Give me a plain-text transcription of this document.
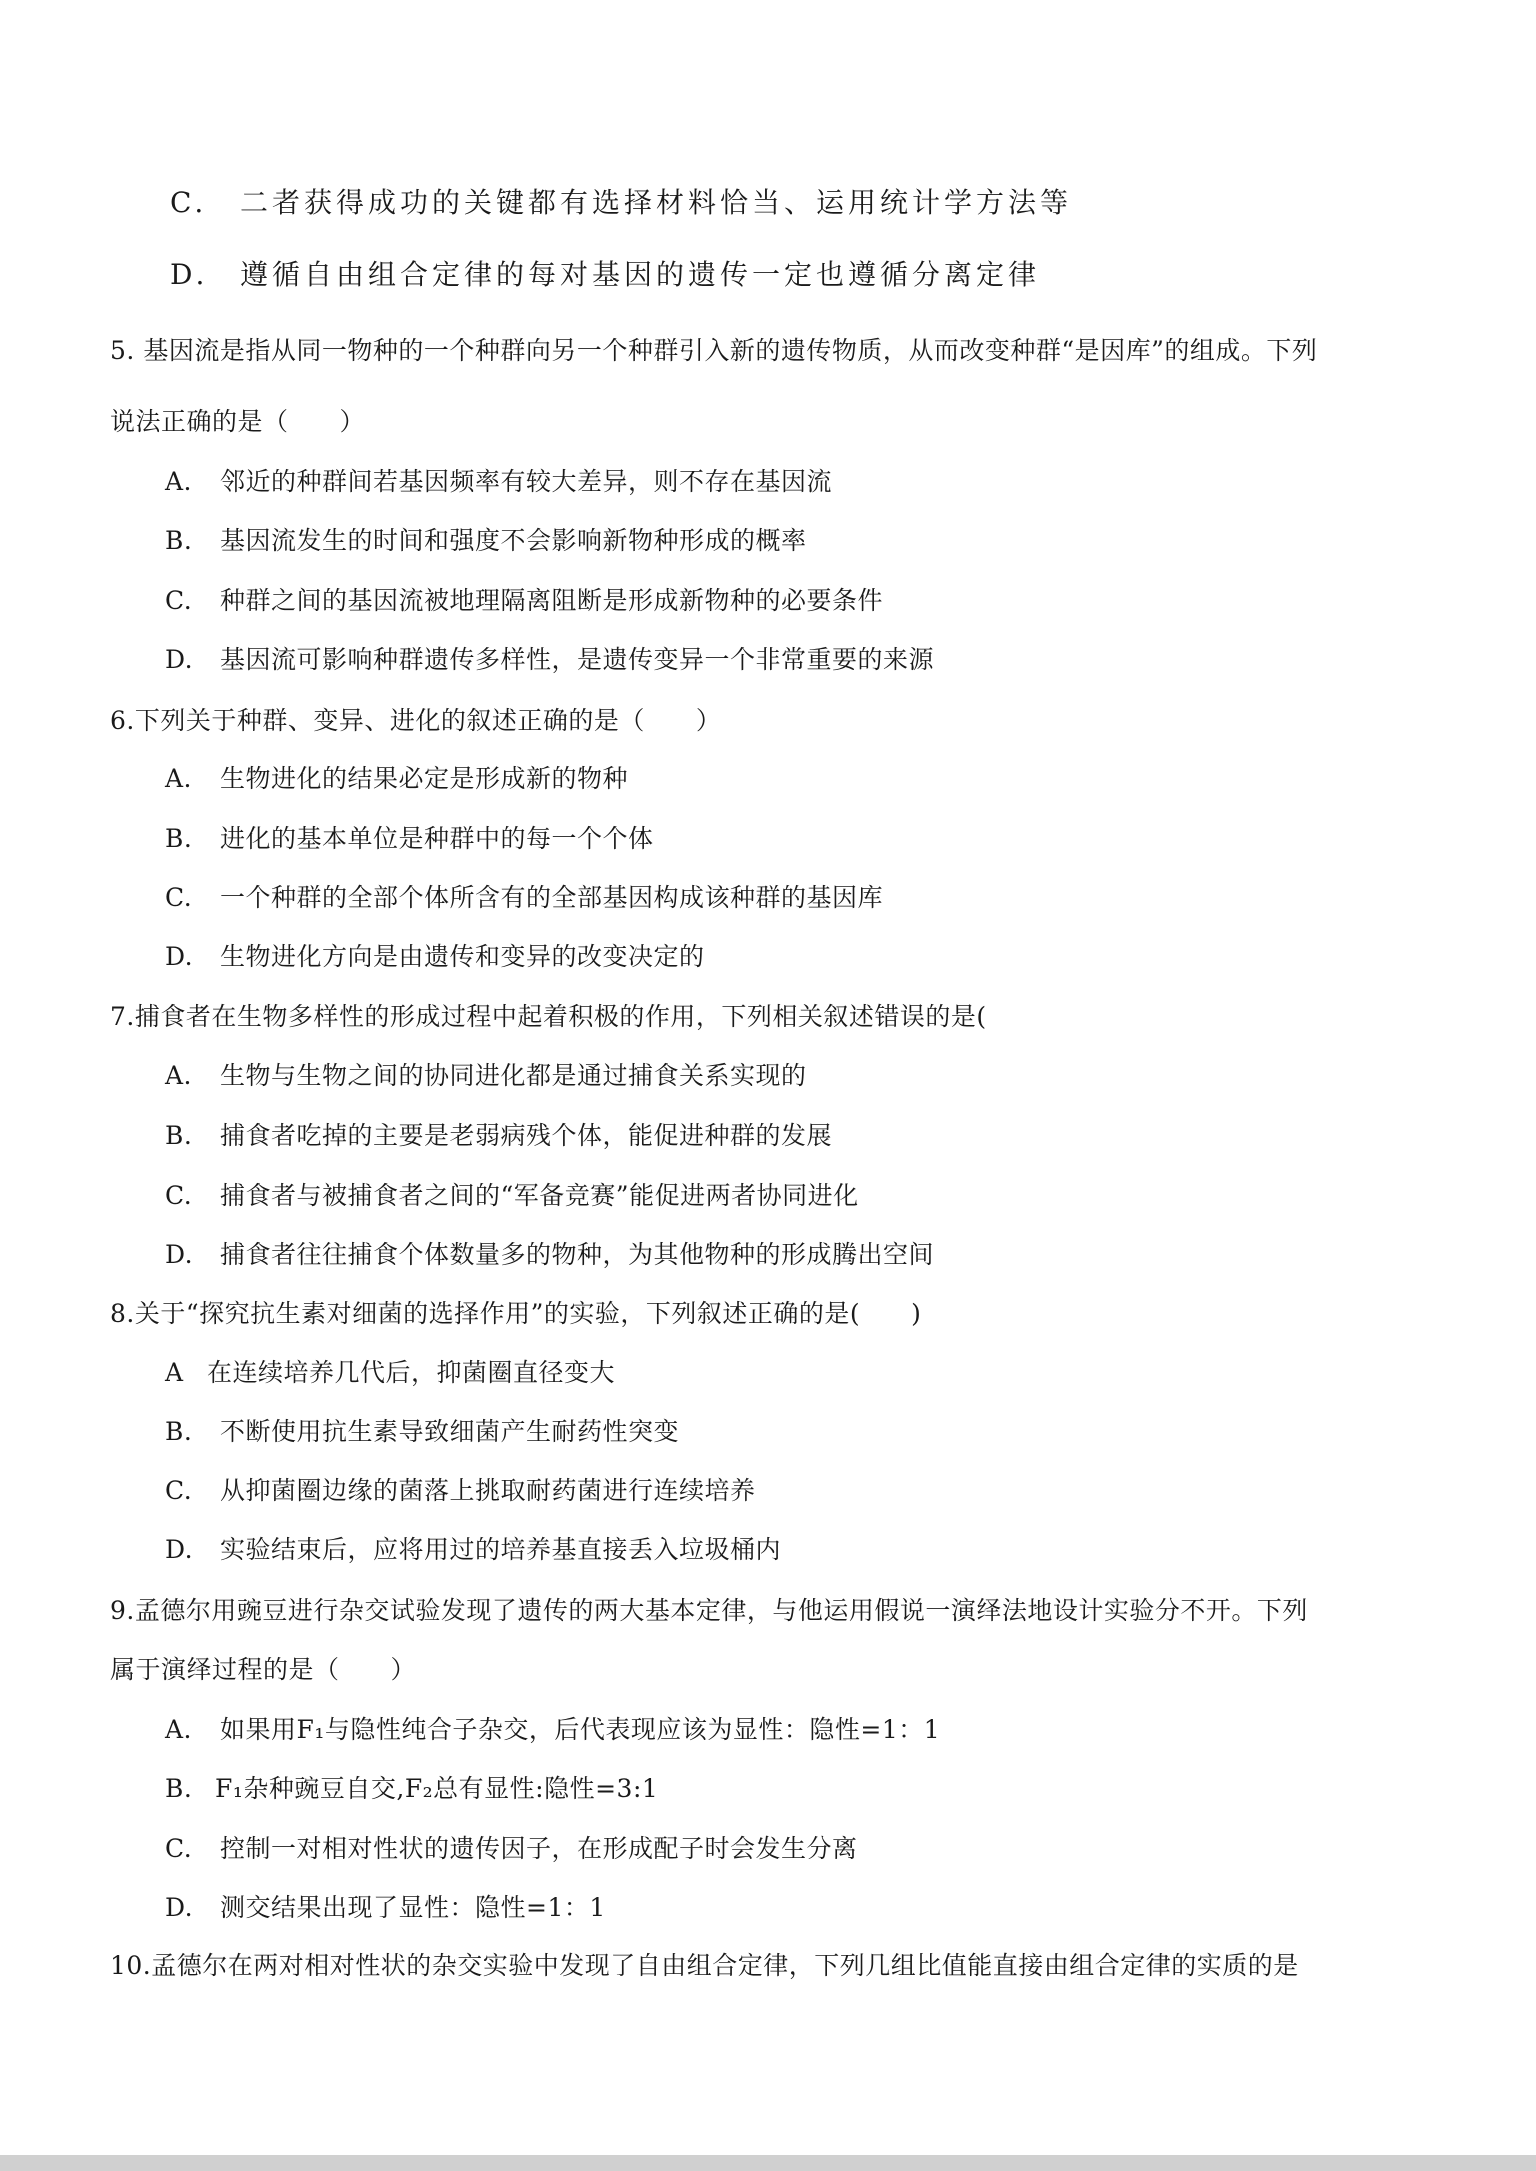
C. 二者获得成功的关键都有选择材料恰当、运用统计学方法等
D. 遵循自由组合定律的每对基因的遗传一定也遵循分离定律
5. 基因流是指从同一物种的一个种群向另一个种群引入新的遗传物质，从而改变种群“是因库”的组成。下列
说法正确的是（　　）
A. 邻近的种群间若基因频率有较大差异，则不存在基因流
B. 基因流发生的时间和强度不会影响新物种形成的概率
C. 种群之间的基因流被地理隔离阻断是形成新物种的必要条件
D. 基因流可影响种群遗传多样性，是遗传变异一个非常重要的来源
6.下列关于种群、变异、进化的叙述正确的是（　　）
A. 生物进化的结果必定是形成新的物种
B. 进化的基本单位是种群中的每一个个体
C. 一个种群的全部个体所含有的全部基因构成该种群的基因库
D. 生物进化方向是由遗传和变异的改变决定的
7.捕食者在生物多样性的形成过程中起着积极的作用，下列相关叙述错误的是(
A. 生物与生物之间的协同进化都是通过捕食关系实现的
B. 捕食者吃掉的主要是老弱病残个体，能促进种群的发展
C. 捕食者与被捕食者之间的“军备竞赛”能促进两者协同进化
D. 捕食者往往捕食个体数量多的物种，为其他物种的形成腾出空间
8.关于“探究抗生素对细菌的选择作用”的实验，下列叙述正确的是(　　)
A 在连续培养几代后，抑菌圈直径变大
B. 不断使用抗生素导致细菌产生耐药性突变
C. 从抑菌圈边缘的菌落上挑取耐药菌进行连续培养
D. 实验结束后，应将用过的培养基直接丢入垃圾桶内
9.孟德尔用豌豆进行杂交试验发现了遗传的两大基本定律，与他运用假说一演绎法地设计实验分不开。下列
属于演绎过程的是（　　）
A. 如果用F₁与隐性纯合子杂交，后代表现应该为显性：隐性=1：1
B. F₁杂种豌豆自交,F₂总有显性:隐性=3:1
C. 控制一对相对性状的遗传因子，在形成配子时会发生分离
D. 测交结果出现了显性：隐性=1：1
10.孟德尔在两对相对性状的杂交实验中发现了自由组合定律，下列几组比值能直接由组合定律的实质的是
